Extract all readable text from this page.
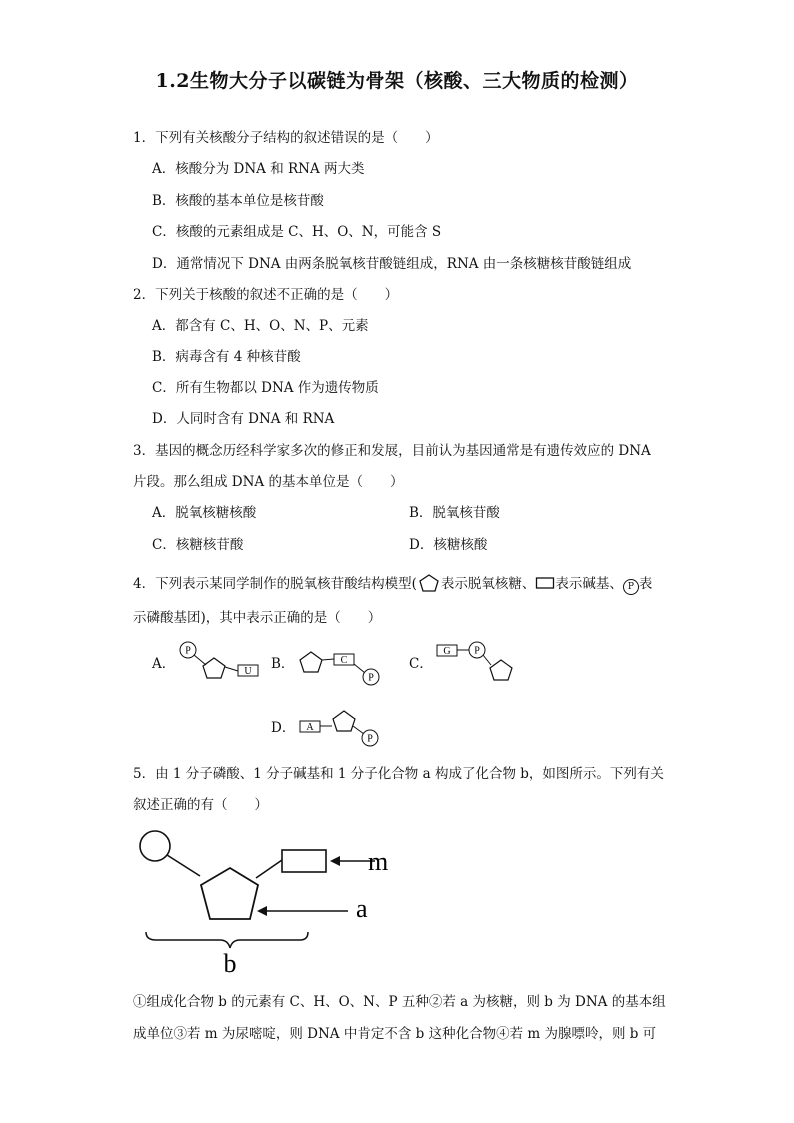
1.2生物大分子以碳链为骨架（核酸、三大物质的检测）
1．下列有关核酸分子结构的叙述错误的是（　　）
A．核酸分为 DNA 和 RNA 两大类
B．核酸的基本单位是核苷酸
C．核酸的元素组成是 C、H、O、N，可能含 S
D．通常情况下 DNA 由两条脱氧核苷酸链组成，RNA 由一条核糖核苷酸链组成
2．下列关于核酸的叙述不正确的是（　　）
A．都含有 C、H、O、N、P、元素
B．病毒含有 4 种核苷酸
C．所有生物都以 DNA 作为遗传物质
D．人同时含有 DNA 和 RNA
3．基因的概念历经科学家多次的修正和发展，目前认为基因通常是有遗传效应的 DNA
片段。那么组成 DNA 的基本单位是（　　）
A．脱氧核糖核酸	B．脱氧核苷酸
C．核糖核苷酸	D．核糖核酸
4．下列表示某同学制作的脱氧核苷酸结构模型( 表示脱氧核糖、 表示碱基、 P 表
示磷酸基团)，其中表示正确的是（　　）
A．	B．	C．
D．
P
U
C
P
G P
A
P
5．由 1 分子磷酸、1 分子碱基和 1 分子化合物 a 构成了化合物 b，如图所示。下列有关
叙述正确的有（　　）
m
a
b
①组成化合物 b 的元素有 C、H、O、N、P 五种②若 a 为核糖，则 b 为 DNA 的基本组
成单位③若 m 为尿嘧啶，则 DNA 中肯定不含 b 这种化合物④若 m 为腺嘌呤，则 b 可
